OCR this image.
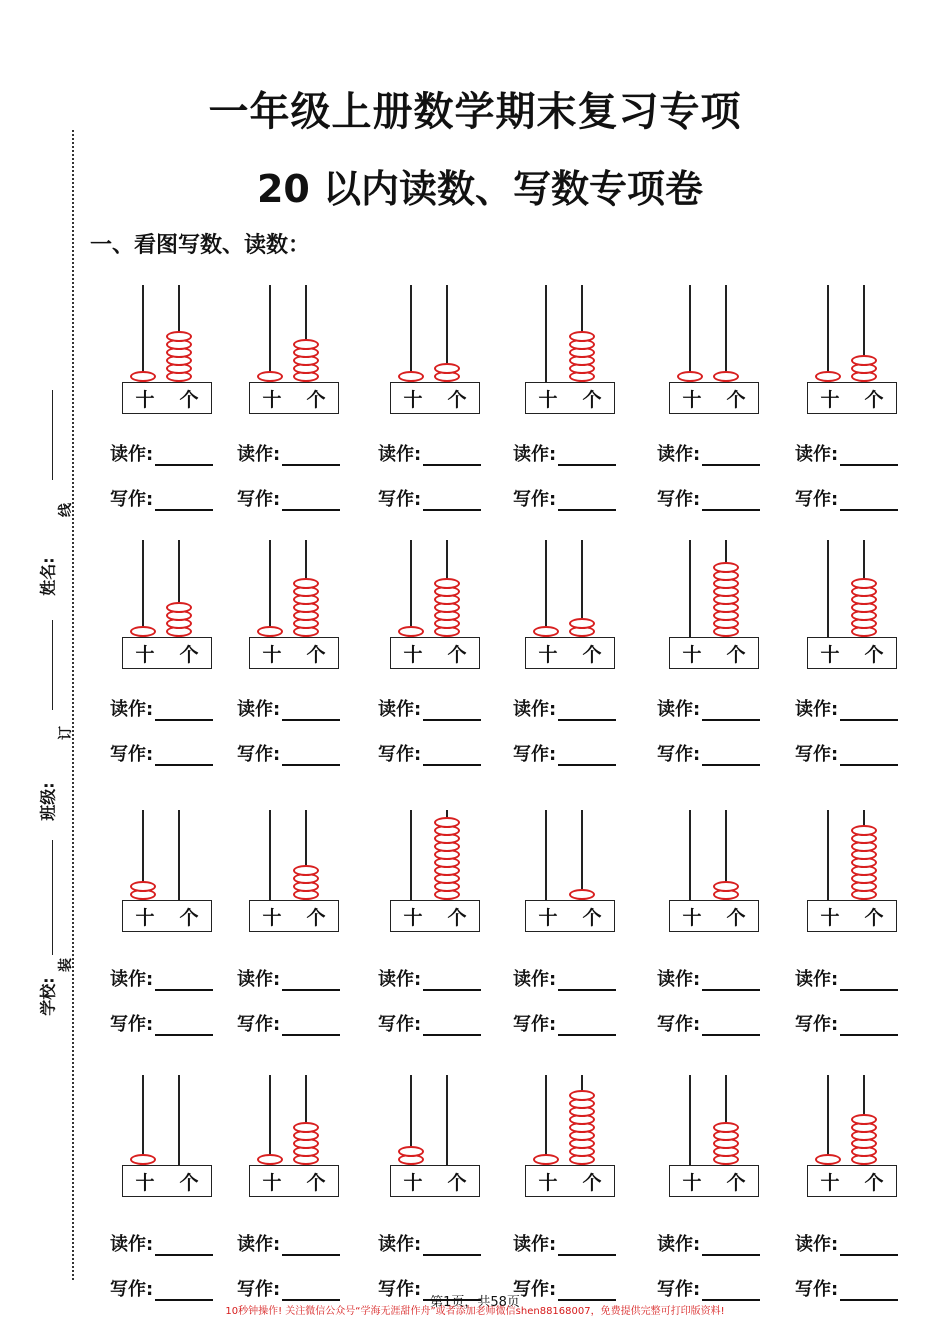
一年级上册数学期末复习专项
20 以内读数、写数专项卷
一、看图写数、读数：
姓名:
班级:
学校:
装
订
线
十 个
读作:
写作:
十 个
读作:
写作:
十 个
读作:
写作:
十 个
读作:
写作:
十 个
读作:
写作:
十 个
读作:
写作:
十 个
读作:
写作:
十 个
读作:
写作:
十 个
读作:
写作:
十 个
读作:
写作:
十 个
读作:
写作:
十 个
读作:
写作:
十 个
读作:
写作:
十 个
读作:
写作:
十 个
读作:
写作:
十 个
读作:
写作:
十 个
读作:
写作:
十 个
读作:
写作:
十 个
读作:
写作:
十 个
读作:
写作:
十 个
读作:
写作:
十 个
读作:
写作:
十 个
读作:
写作:
十 个
读作:
写作:
第1页，共58页
10秒钟操作! 关注微信公众号“学海无涯甜作舟”或者添加老师微信shen88168007，免费提供完整可打印版资料!
